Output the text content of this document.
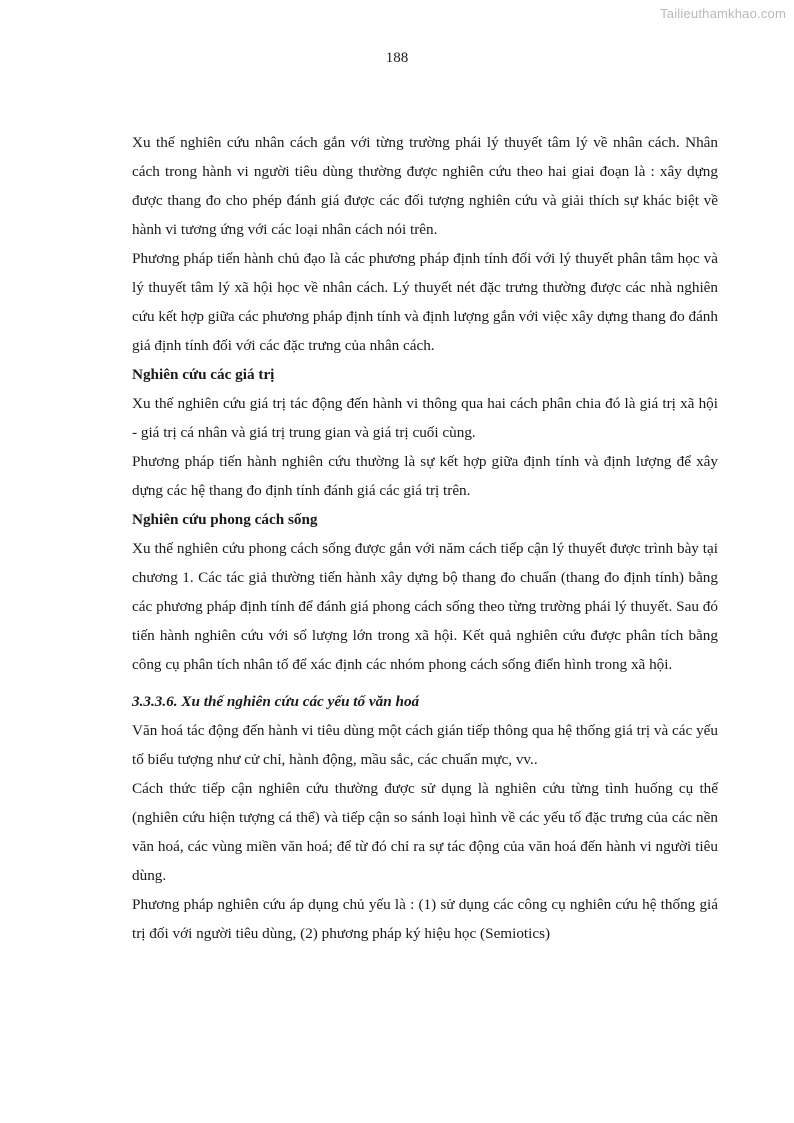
Tailieuthamkhao.com
188

Xu thế nghiên cứu nhân cách gắn với từng trường phái lý thuyết tâm lý về nhân cách. Nhân cách trong hành vi người tiêu dùng thường được nghiên cứu theo hai giai đoạn là : xây dựng được thang đo cho phép đánh giá được các đối tượng nghiên cứu và giải thích sự khác biệt về hành vi tương ứng với các loại nhân cách nói trên.

Phương pháp tiến hành chủ đạo là các phương pháp định tính đối với lý thuyết phân tâm học và lý thuyết tâm lý xã hội học về nhân cách. Lý thuyết nét đặc trưng thường được các nhà nghiên cứu kết hợp giữa các phương pháp định tính và định lượng gắn với việc xây dựng thang đo đánh giá định tính đối với các đặc trưng của nhân cách.

Nghiên cứu các giá trị

Xu thế nghiên cứu giá trị tác động đến hành vi thông qua hai cách phân chia đó là giá trị xã hội - giá trị cá nhân và giá trị trung gian và giá trị cuối cùng.

Phương pháp tiến hành nghiên cứu thường là sự kết hợp giữa định tính và định lượng để xây dựng các hệ thang đo định tính đánh giá các giá trị trên.

Nghiên cứu phong cách sống

Xu thế nghiên cứu phong cách sống được gắn với năm cách tiếp cận lý thuyết được trình bày tại chương 1. Các tác giả thường tiến hành xây dựng bộ thang đo chuẩn (thang đo định tính) bằng các phương pháp định tính để đánh giá phong cách sống theo từng trường phái lý thuyết. Sau đó tiến hành nghiên cứu với số lượng lớn trong xã hội. Kết quả nghiên cứu được phân tích bằng công cụ phân tích nhân tố để xác định các nhóm phong cách sống điển hình trong xã hội.

3.3.3.6. Xu thế nghiên cứu các yếu tố văn hoá

Văn hoá tác động đến hành vi tiêu dùng một cách gián tiếp thông qua hệ thống giá trị và các yếu tố biểu tượng như cử chỉ, hành động, mầu sắc, các chuẩn mực, vv..

Cách thức tiếp cận nghiên cứu thường được sử dụng là nghiên cứu từng tình huống cụ thể (nghiên cứu hiện tượng cá thể) và tiếp cận so sánh loại hình về các yếu tố đặc trưng của các nền văn hoá, các vùng miền văn hoá; để từ đó chỉ ra sự tác động của văn hoá đến hành vi người tiêu dùng.

Phương pháp nghiên cứu áp dụng chủ yếu là : (1) sử dụng các công cụ nghiên cứu hệ thống giá trị đối với người tiêu dùng, (2) phương pháp ký hiệu học (Semiotics)
